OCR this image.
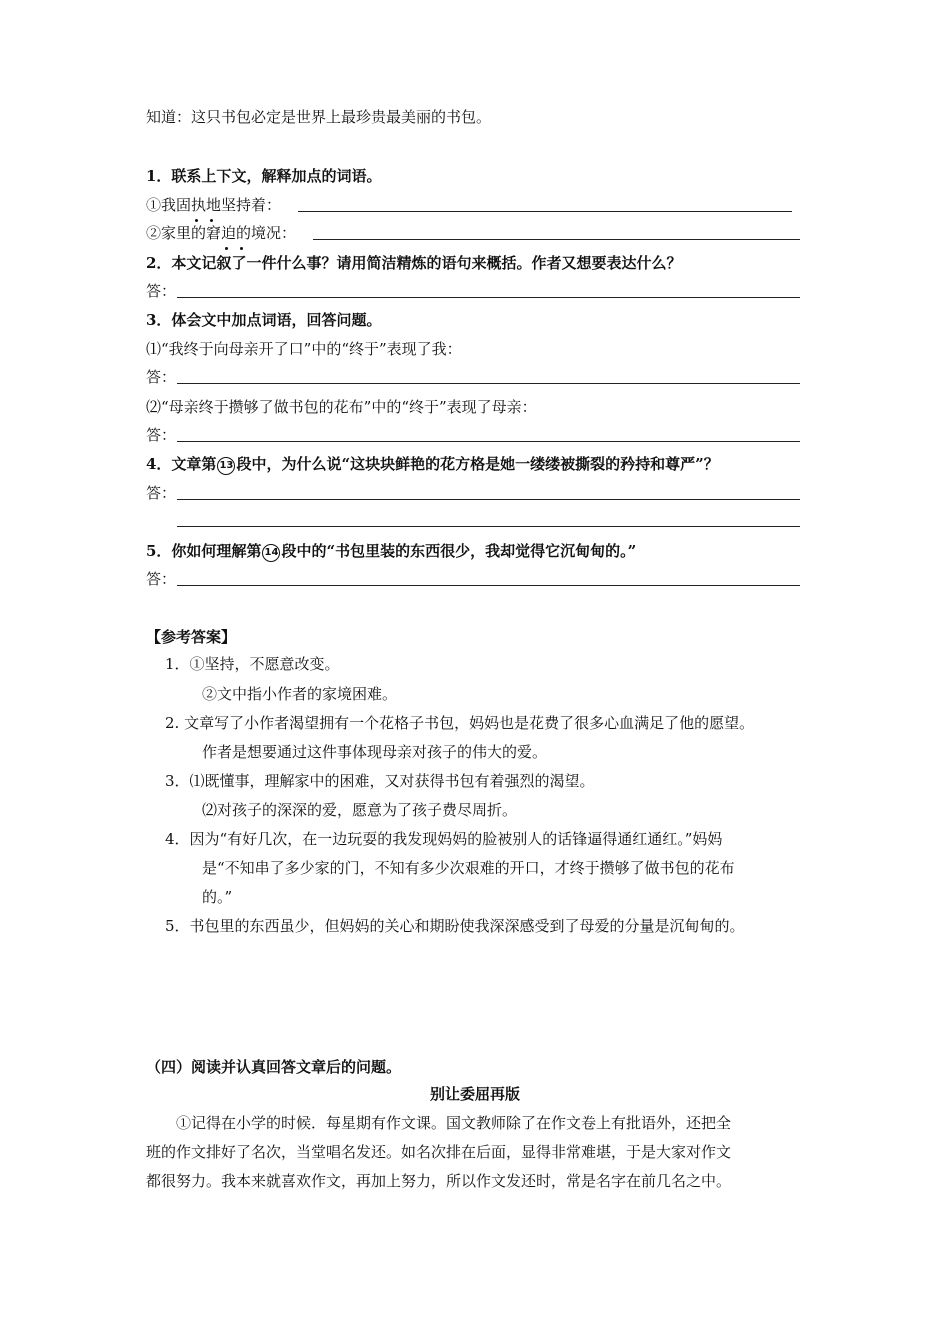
知道：这只书包必定是世界上最珍贵最美丽的书包。
1．联系上下文，解释加点的词语。
①我固执地坚持着：
②家里的窘迫的境况：
2．本文记叙了一件什么事？请用简洁精炼的语句来概括。作者又想要表达什么？
答：
3．体会文中加点词语，回答问题。
⑴“我终于向母亲开了口”中的“终于”表现了我：
答：
⑵“母亲终于攒够了做书包的花布”中的“终于”表现了母亲：
答：
4．文章第 13 段中，为什么说“这块块鲜艳的花方格是她一缕缕被撕裂的矜持和尊严”？
答：
5．你如何理解第 14 段中的“书包里装的东西很少，我却觉得它沉甸甸的。”
答：
【参考答案】
1．①坚持，不愿意改变。
②文中指小作者的家境困难。
2. 文章写了小作者渴望拥有一个花格子书包，妈妈也是花费了很多心血满足了他的愿望。
作者是想要通过这件事体现母亲对孩子的伟大的爱。
3．⑴既懂事，理解家中的困难，又对获得书包有着强烈的渴望。
⑵对孩子的深深的爱，愿意为了孩子费尽周折。
4．因为“有好几次，在一边玩耍的我发现妈妈的脸被别人的话锋逼得通红通红。”妈妈
是“不知串了多少家的门，不知有多少次艰难的开口，才终于攒够了做书包的花布
的。”
5．书包里的东西虽少，但妈妈的关心和期盼使我深深感受到了母爱的分量是沉甸甸的。
（四）阅读并认真回答文章后的问题。
别让委屈再版
①记得在小学的时候．每星期有作文课。国文教师除了在作文卷上有批语外，还把全
班的作文排好了名次，当堂唱名发还。如名次排在后面，显得非常难堪，于是大家对作文
都很努力。我本来就喜欢作文，再加上努力，所以作文发还时，常是名字在前几名之中。
